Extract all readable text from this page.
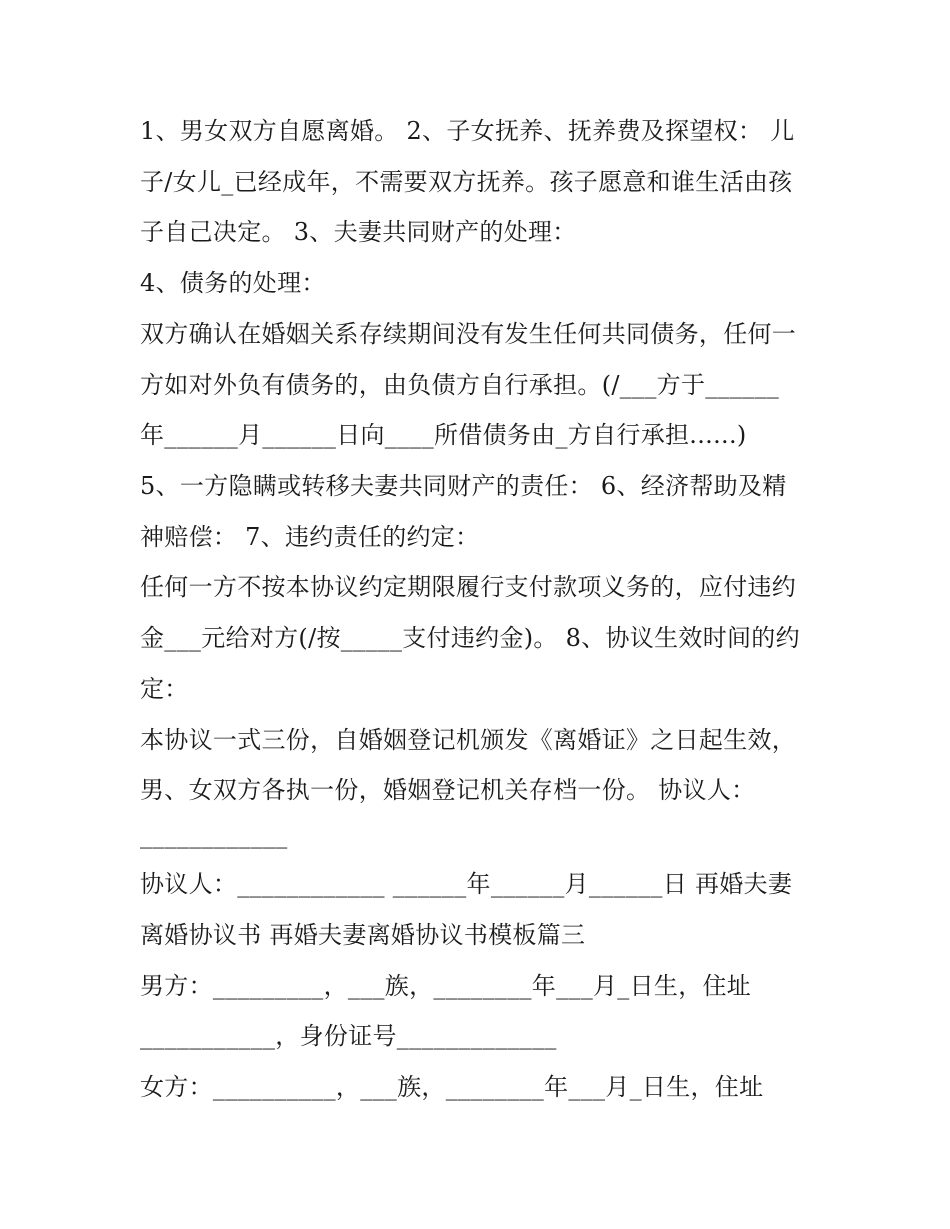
1、男女双方自愿离婚。 2、子女抚养、抚养费及探望权： 儿
子/女儿_已经成年，不需要双方抚养。孩子愿意和谁生活由孩
子自己决定。 3、夫妻共同财产的处理：
4、债务的处理：
双方确认在婚姻关系存续期间没有发生任何共同债务，任何一
方如对外负有债务的，由负债方自行承担。(/___方于______
年______月______日向____所借债务由_方自行承担......)
5、一方隐瞒或转移夫妻共同财产的责任： 6、经济帮助及精
神赔偿： 7、违约责任的约定：
任何一方不按本协议约定期限履行支付款项义务的，应付违约
金___元给对方(/按_____支付违约金)。 8、协议生效时间的约
定：
本协议一式三份，自婚姻登记机颁发《离婚证》之日起生效，
男、女双方各执一份，婚姻登记机关存档一份。 协议人：
____________
协议人：____________ ______年______月______日 再婚夫妻
离婚协议书 再婚夫妻离婚协议书模板篇三
男方：_________，___族，________年___月_日生，住址
___________，身份证号_____________
女方：__________，___族，________年___月_日生，住址
